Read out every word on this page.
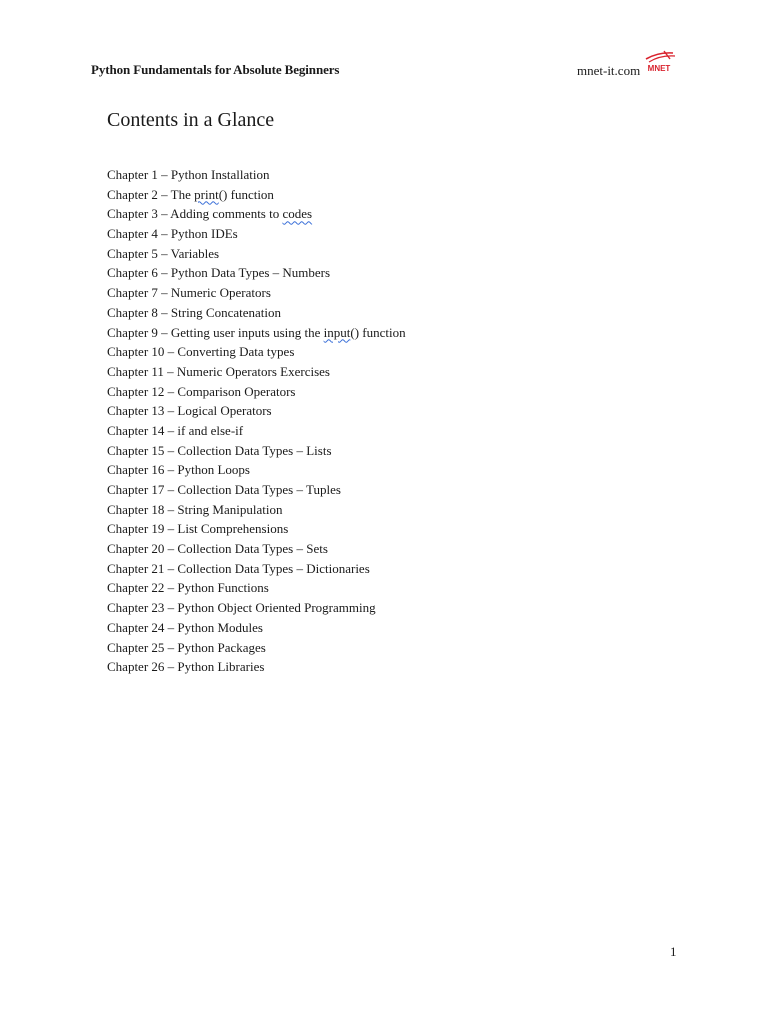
Python Fundamentals for Absolute Beginners	mnet-it.com MNET
Contents in a Glance
Chapter 1 – Python Installation
Chapter 2 – The print() function
Chapter 3 – Adding comments to codes
Chapter 4 – Python IDEs
Chapter 5 – Variables
Chapter 6 – Python Data Types – Numbers
Chapter 7 – Numeric Operators
Chapter 8 – String Concatenation
Chapter 9 – Getting user inputs using the input() function
Chapter 10 – Converting Data types
Chapter 11 – Numeric Operators Exercises
Chapter 12 – Comparison Operators
Chapter 13 – Logical Operators
Chapter 14 – if and else-if
Chapter 15 – Collection Data Types – Lists
Chapter 16 – Python Loops
Chapter 17 – Collection Data Types – Tuples
Chapter 18 – String Manipulation
Chapter 19 – List Comprehensions
Chapter 20 – Collection Data Types – Sets
Chapter 21 – Collection Data Types – Dictionaries
Chapter 22 – Python Functions
Chapter 23 – Python Object Oriented Programming
Chapter 24 – Python Modules
Chapter 25 – Python Packages
Chapter 26 – Python Libraries
1
